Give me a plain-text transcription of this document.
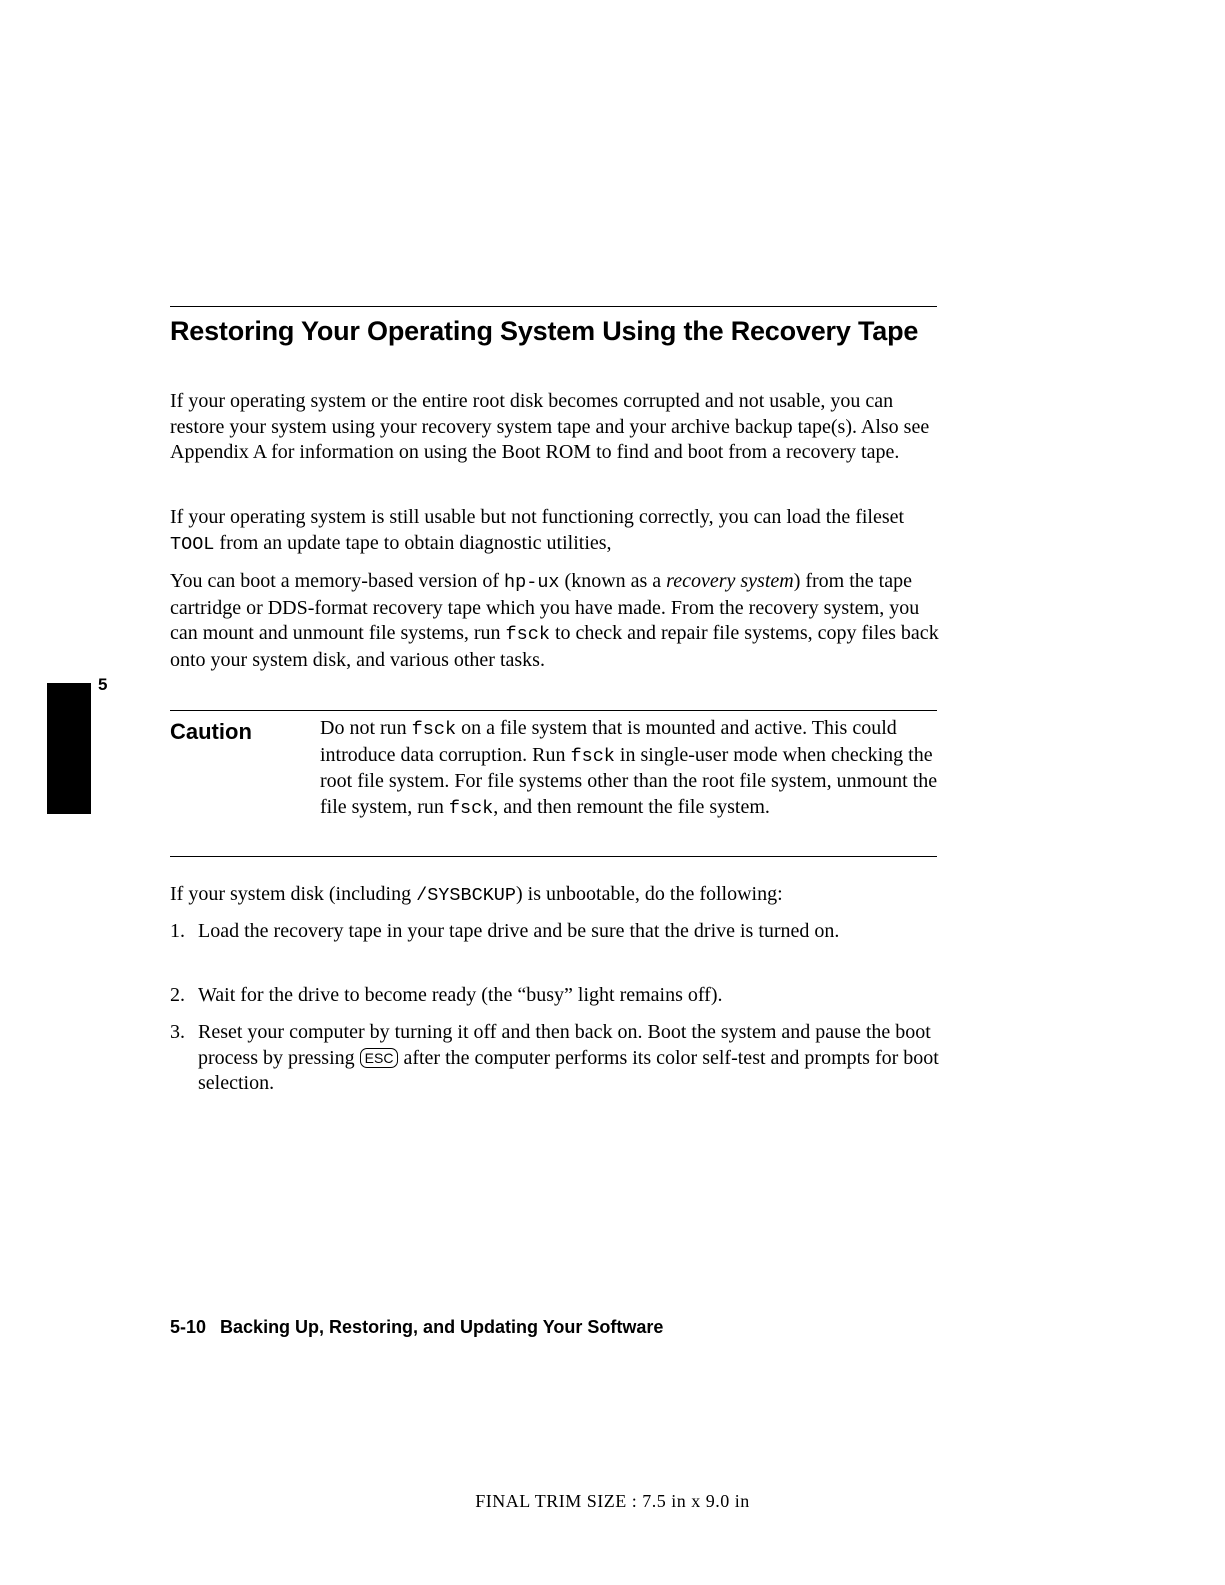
Restoring Your Operating System Using the Recovery Tape

If your operating system or the entire root disk becomes corrupted and not usable, you can restore your system using your recovery system tape and your archive backup tape(s). Also see Appendix A for information on using the Boot ROM to find and boot from a recovery tape.

If your operating system is still usable but not functioning correctly, you can load the fileset TOOL from an update tape to obtain diagnostic utilities,

You can boot a memory-based version of hp-ux (known as a recovery system) from the tape cartridge or DDS-format recovery tape which you have made. From the recovery system, you can mount and unmount file systems, run fsck to check and repair file systems, copy files back onto your system disk, and various other tasks.

5
Caution	Do not run fsck on a file system that is mounted and active. This could introduce data corruption. Run fsck in single-user mode when checking the root file system. For file systems other than the root file system, unmount the file system, run fsck, and then remount the file system.

If your system disk (including /SYSBCKUP) is unbootable, do the following:

1. Load the recovery tape in your tape drive and be sure that the drive is turned on.
2. Wait for the drive to become ready (the “busy” light remains off).
3. Reset your computer by turning it off and then back on. Boot the system and pause the boot process by pressing ESC after the computer performs its color self-test and prompts for boot selection.
5-10 Backing Up, Restoring, and Updating Your Software
FINAL TRIM SIZE : 7.5 in x 9.0 in
